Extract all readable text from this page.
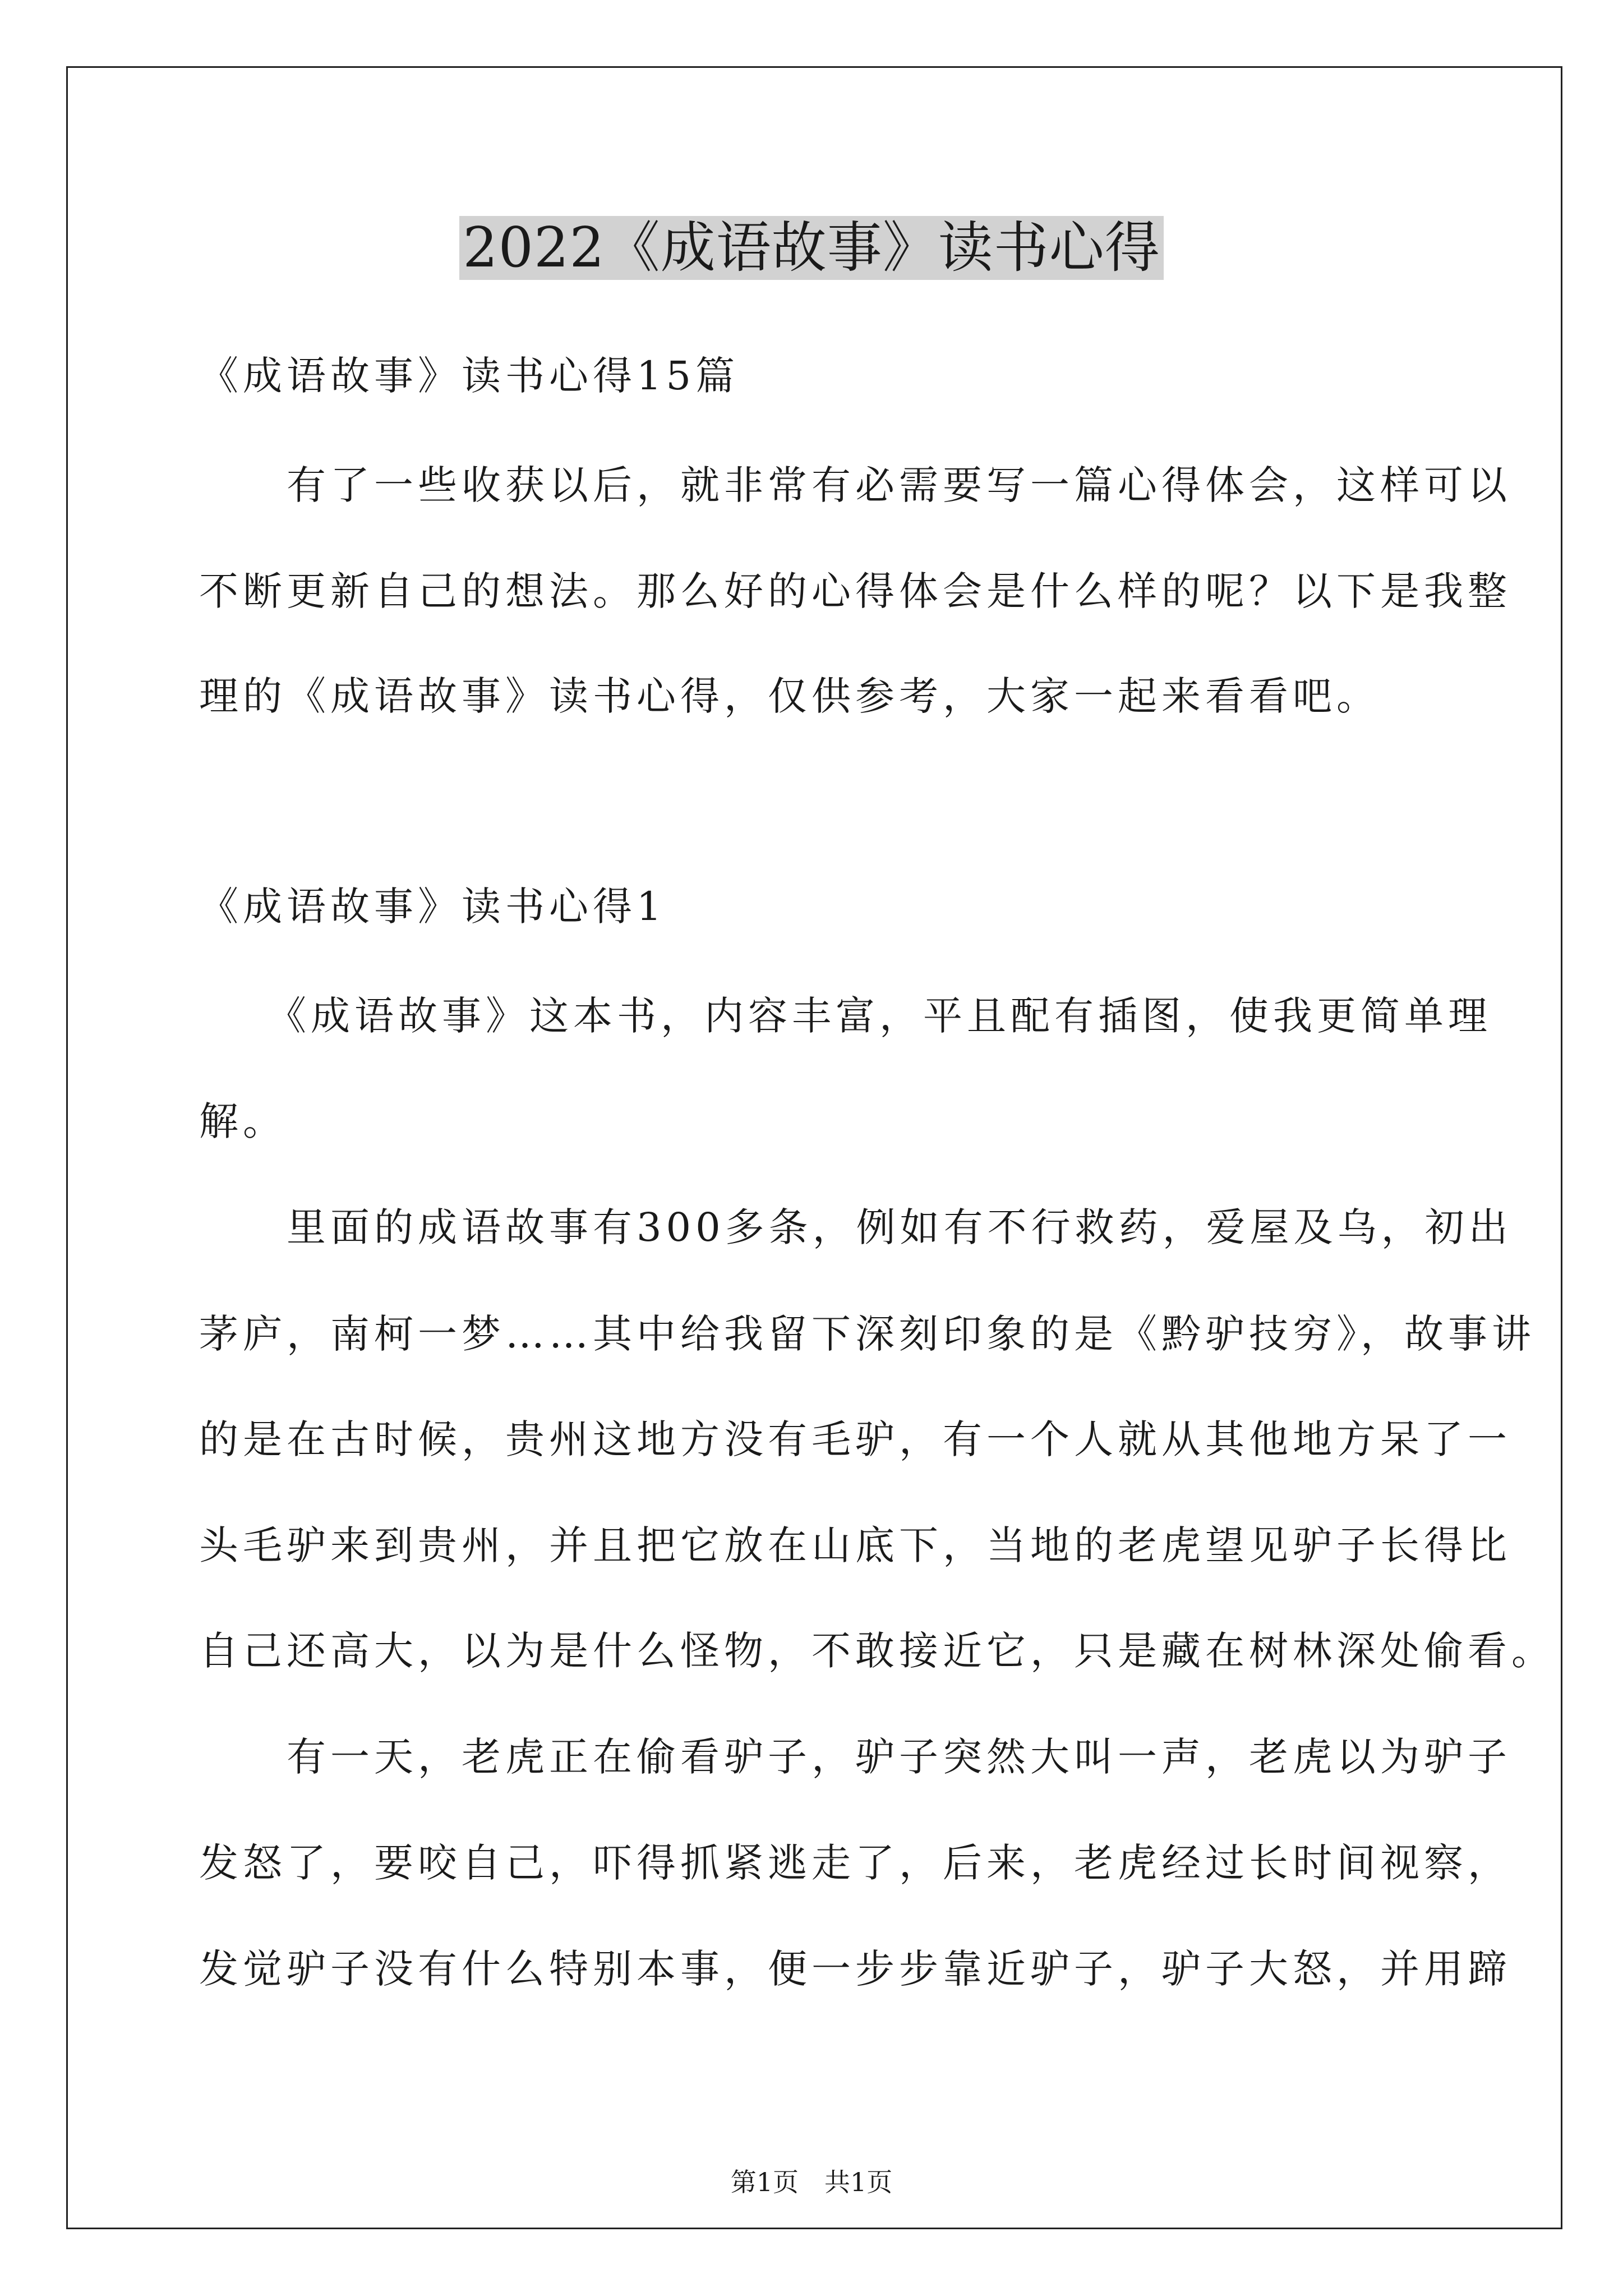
2022《成语故事》读书心得
《成语故事》读书心得15篇
　　有了一些收获以后，就非常有必需要写一篇心得体会，这样可以
不断更新自己的想法。那么好的心得体会是什么样的呢？以下是我整
理的《成语故事》读书心得，仅供参考，大家一起来看看吧。
《成语故事》读书心得1
　　《成语故事》这本书，内容丰富，平且配有插图，使我更简单理
解。
　　里面的成语故事有300多条，例如有不行救药，爱屋及乌，初出
茅庐，南柯一梦……其中给我留下深刻印象的是《黔驴技穷》，故事讲
的是在古时候，贵州这地方没有毛驴，有一个人就从其他地方呆了一
头毛驴来到贵州，并且把它放在山底下，当地的老虎望见驴子长得比
自己还高大，以为是什么怪物，不敢接近它，只是藏在树林深处偷看。
　　有一天，老虎正在偷看驴子，驴子突然大叫一声，老虎以为驴子
发怒了，要咬自己，吓得抓紧逃走了，后来，老虎经过长时间视察，
发觉驴子没有什么特别本事，便一步步靠近驴子，驴子大怒，并用蹄
第1页　共1页
